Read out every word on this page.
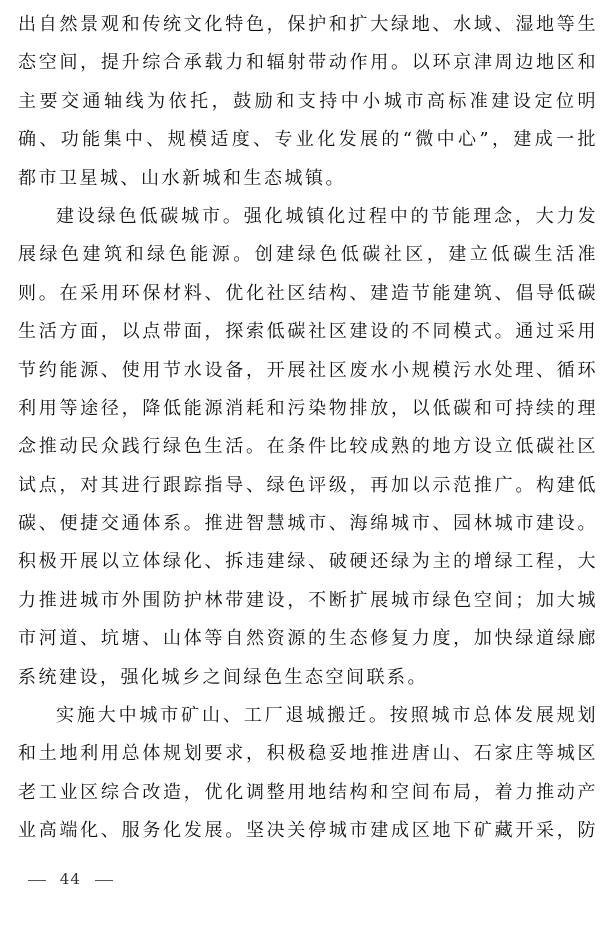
出自然景观和传统文化特色，保护和扩大绿地、水域、湿地等生
态空间，提升综合承载力和辐射带动作用。以环京津周边地区和
主要交通轴线为依托，鼓励和支持中小城市高标准建设定位明
确、功能集中、规模适度、专业化发展的“微中心”，建成一批
都市卫星城、山水新城和生态城镇。
建设绿色低碳城市。强化城镇化过程中的节能理念，大力发
展绿色建筑和绿色能源。创建绿色低碳社区，建立低碳生活准
则。在采用环保材料、优化社区结构、建造节能建筑、倡导低碳
生活方面，以点带面，探索低碳社区建设的不同模式。通过采用
节约能源、使用节水设备，开展社区废水小规模污水处理、循环
利用等途径，降低能源消耗和污染物排放，以低碳和可持续的理
念推动民众践行绿色生活。在条件比较成熟的地方设立低碳社区
试点，对其进行跟踪指导、绿色评级，再加以示范推广。构建低
碳、便捷交通体系。推进智慧城市、海绵城市、园林城市建设。
积极开展以立体绿化、拆违建绿、破硬还绿为主的增绿工程，大
力推进城市外围防护林带建设，不断扩展城市绿色空间；加大城
市河道、坑塘、山体等自然资源的生态修复力度，加快绿道绿廊
系统建设，强化城乡之间绿色生态空间联系。
实施大中城市矿山、工厂退城搬迁。按照城市总体发展规划
和土地利用总体规划要求，积极稳妥地推进唐山、石家庄等城区
老工业区综合改造，优化调整用地结构和空间布局，着力推动产
业高端化、服务化发展。坚决关停城市建成区地下矿藏开采，防
44
